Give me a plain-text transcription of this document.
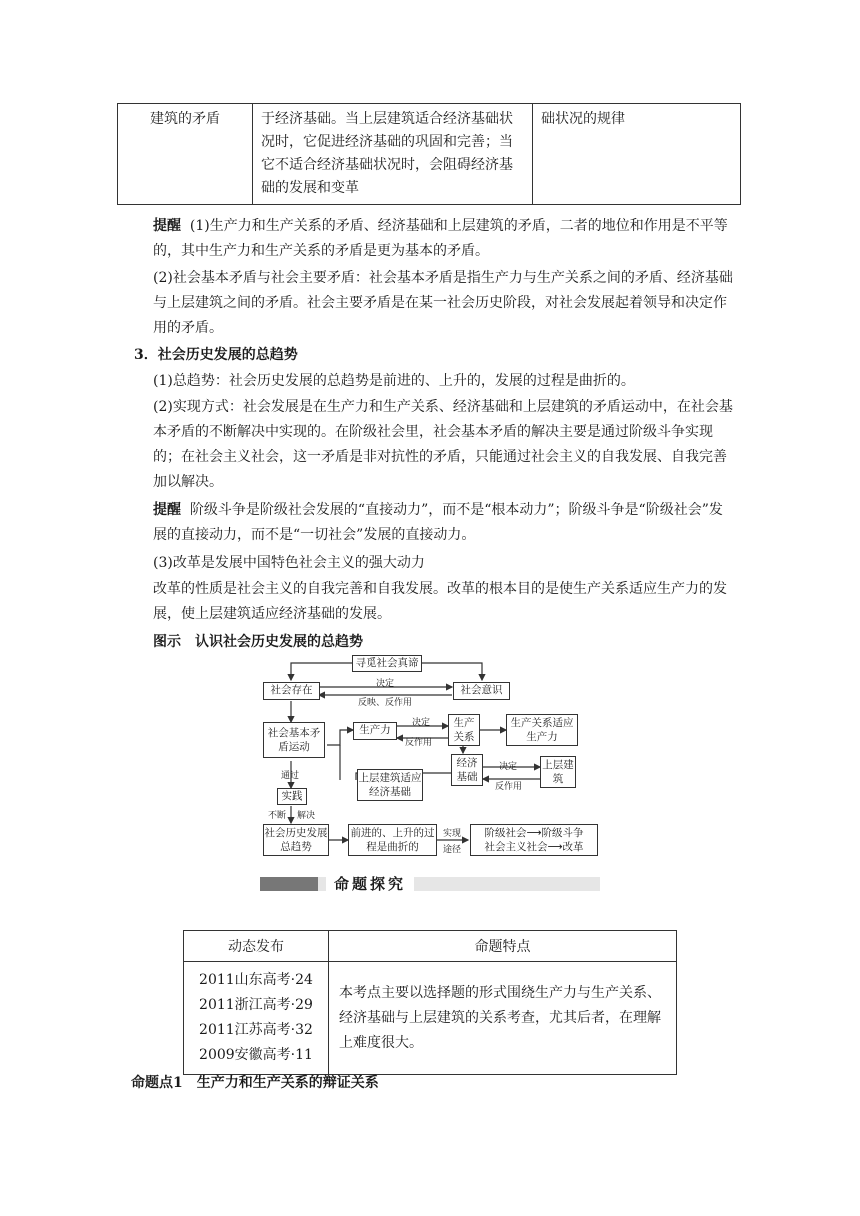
建筑的矛盾	于经济基础。当上层建筑适合经济基础状况时，它促进经济基础的巩固和完善；当它不适合经济基础状况时，会阻碍经济基础的发展和变革	础状况的规律

提醒 (1)生产力和生产关系的矛盾、经济基础和上层建筑的矛盾，二者的地位和作用是不平等的，其中生产力和生产关系的矛盾是更为基本的矛盾。

(2)社会基本矛盾与社会主要矛盾：社会基本矛盾是指生产力与生产关系之间的矛盾、经济基础与上层建筑之间的矛盾。社会主要矛盾是在某一社会历史阶段，对社会发展起着领导和决定作用的矛盾。

3．社会历史发展的总趋势

(1)总趋势：社会历史发展的总趋势是前进的、上升的，发展的过程是曲折的。

(2)实现方式：社会发展是在生产力和生产关系、经济基础和上层建筑的矛盾运动中，在社会基本矛盾的不断解决中实现的。在阶级社会里，社会基本矛盾的解决主要是通过阶级斗争实现的；在社会主义社会，这一矛盾是非对抗性的矛盾，只能通过社会主义的自我发展、自我完善加以解决。

提醒 阶级斗争是阶级社会发展的“直接动力”，而不是“根本动力”；阶级斗争是“阶级社会”发展的直接动力，而不是“一切社会”发展的直接动力。

(3)改革是发展中国特色社会主义的强大动力

改革的性质是社会主义的自我完善和自我发展。改革的根本目的是使生产关系适应生产力的发展，使上层建筑适应经济基础的发展。

图示　认识社会历史发展的总趋势

寻觅社会真谛
社会存在	社会意识
决定
反映、反作用
社会基本矛盾运动
生产力
决定
反作用
生产关系
生产关系适应生产力
经济基础
决定
反作用
上层建筑
上层建筑适应经济基础
通过
实践
不断 解决
社会历史发展总趋势
前进的、上升的过程是曲折的
实现
途径
阶级社会⟶阶级斗争
社会主义社会⟶改革
命题探究
动态发布	命题特点

2011山东高考·24
2011浙江高考·29
2011江苏高考·32
2009安徽高考·11	本考点主要以选择题的形式围绕生产力与生产关系、经济基础与上层建筑的关系考查，尤其后者，在理解上难度很大。

命题点1　生产力和生产关系的辩证关系
